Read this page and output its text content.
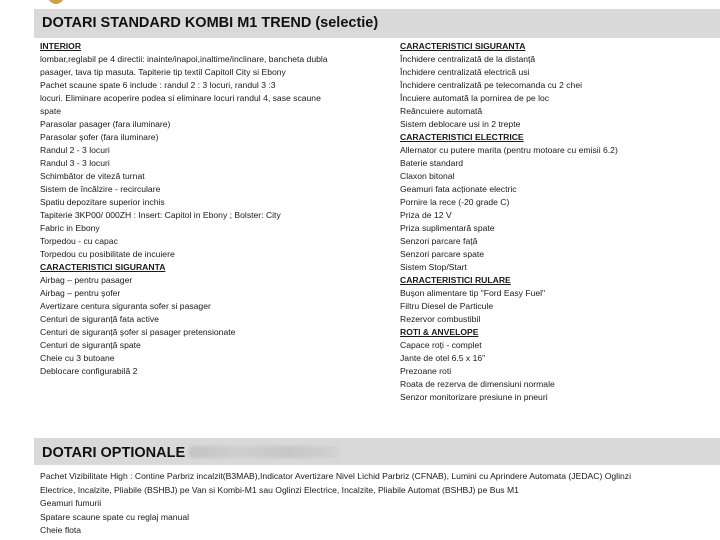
DOTARI STANDARD KOMBI M1 TREND (selectie)
INTERIOR
lombar,reglabil pe 4 directii: inainte/inapoi,inaltime/inclinare, bancheta dubla
pasager, tava tip masuta. Tapiterie tip textil Capitoll City si Ebony
Pachet scaune spate 6 include : randul 2 : 3 locuri, randul 3 :3
locuri. Eliminare acoperire podea si eliminare locuri randul 4, sase scaune
spate
Parasolar pasager (fara iluminare)
Parasolar şofer (fara iluminare)
Randul 2 - 3 locuri
Randul 3 - 3 locuri
Schimbător de viteză turnat
Sistem de încălzire - recirculare
Spatiu depozitare superior inchis
Tapiterie 3KP00/ 000ZH : Insert: Capitol in Ebony ; Bolster: City
Fabric in Ebony
Torpedou - cu capac
Torpedou cu posibilitate de incuiere
CARACTERISTICI SIGURANTA
Airbag – pentru pasager
Airbag – pentru şofer
Avertizare centura siguranta sofer si pasager
Centuri de siguranță fata active
Centuri de siguranță şofer si pasager pretensionate
Centuri de siguranță spate
Cheie cu 3 butoane
Deblocare configurabilă 2
CARACTERISTICI SIGURANTA
Închidere centralizată de la distanță
Închidere centralizată electrică usi
Închidere centralizată pe telecomanda cu 2 chei
Încuiere automată la pornirea de pe loc
Reâncuiere automată
Sistem deblocare usi in 2 trepte
CARACTERISTICI ELECTRICE
Allernator cu putere marita (pentru motoare cu emisii 6.2)
Baterie standard
Claxon bitonal
Geamuri fata acționate electric
Pornire la rece (-20 grade C)
Priza de 12 V
Priza suplimentară spate
Senzori parcare față
Senzori parcare spate
Sistem Stop/Start
CARACTERISTICI RULARE
Buşon alimentare tip "Ford Easy Fuel"
Filtru Diesel de Particule
Rezervor combustibil
ROTI & ANVELOPE
Capace roți - complet
Jante de otel 6.5 x 16"
Prezoane roti
Roata de rezerva de dimensiuni normale
Senzor monitorizare presiune in pneuri
DOTARI OPTIONALE
Pachet Vizibilitate High : Contine Parbriz incalzit(B3MAB),Indicator Avertizare Nivel Lichid Parbriz (CFNAB), Lumini cu Aprindere Automata (JEDAC) Oglinzi
Electrice, Incalzite, Pliabile (BSHBJ) pe Van si Kombi-M1 sau Oglinzi Electrice, Incalzite, Pliabile Automat (BSHBJ) pe Bus M1
Geamuri fumurii
Spatare scaune spate cu reglaj manual
Cheie flota
